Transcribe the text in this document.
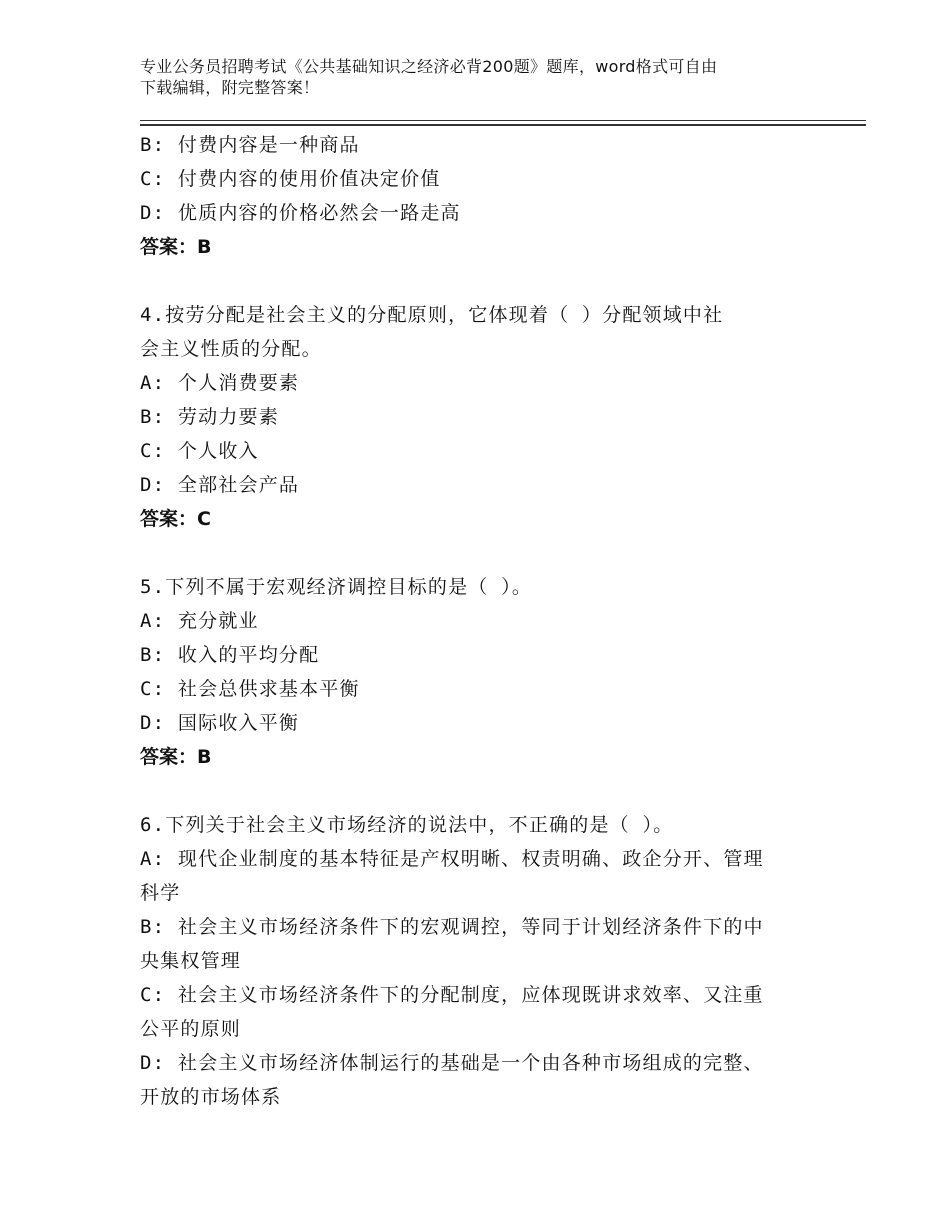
专业公务员招聘考试《公共基础知识之经济必背200题》题库，word格式可自由
下载编辑，附完整答案！
B: 付费内容是一种商品
C: 付费内容的使用价值决定价值
D: 优质内容的价格必然会一路走高
答案：B
4.按劳分配是社会主义的分配原则，它体现着（ ）分配领域中社
会主义性质的分配。
A: 个人消费要素
B: 劳动力要素
C: 个人收入
D: 全部社会产品
答案：C
5.下列不属于宏观经济调控目标的是（ ）。
A: 充分就业
B: 收入的平均分配
C: 社会总供求基本平衡
D: 国际收入平衡
答案：B
6.下列关于社会主义市场经济的说法中，不正确的是（ ）。
A: 现代企业制度的基本特征是产权明晰、权责明确、政企分开、管理
科学
B: 社会主义市场经济条件下的宏观调控，等同于计划经济条件下的中
央集权管理
C: 社会主义市场经济条件下的分配制度，应体现既讲求效率、又注重
公平的原则
D: 社会主义市场经济体制运行的基础是一个由各种市场组成的完整、
开放的市场体系
